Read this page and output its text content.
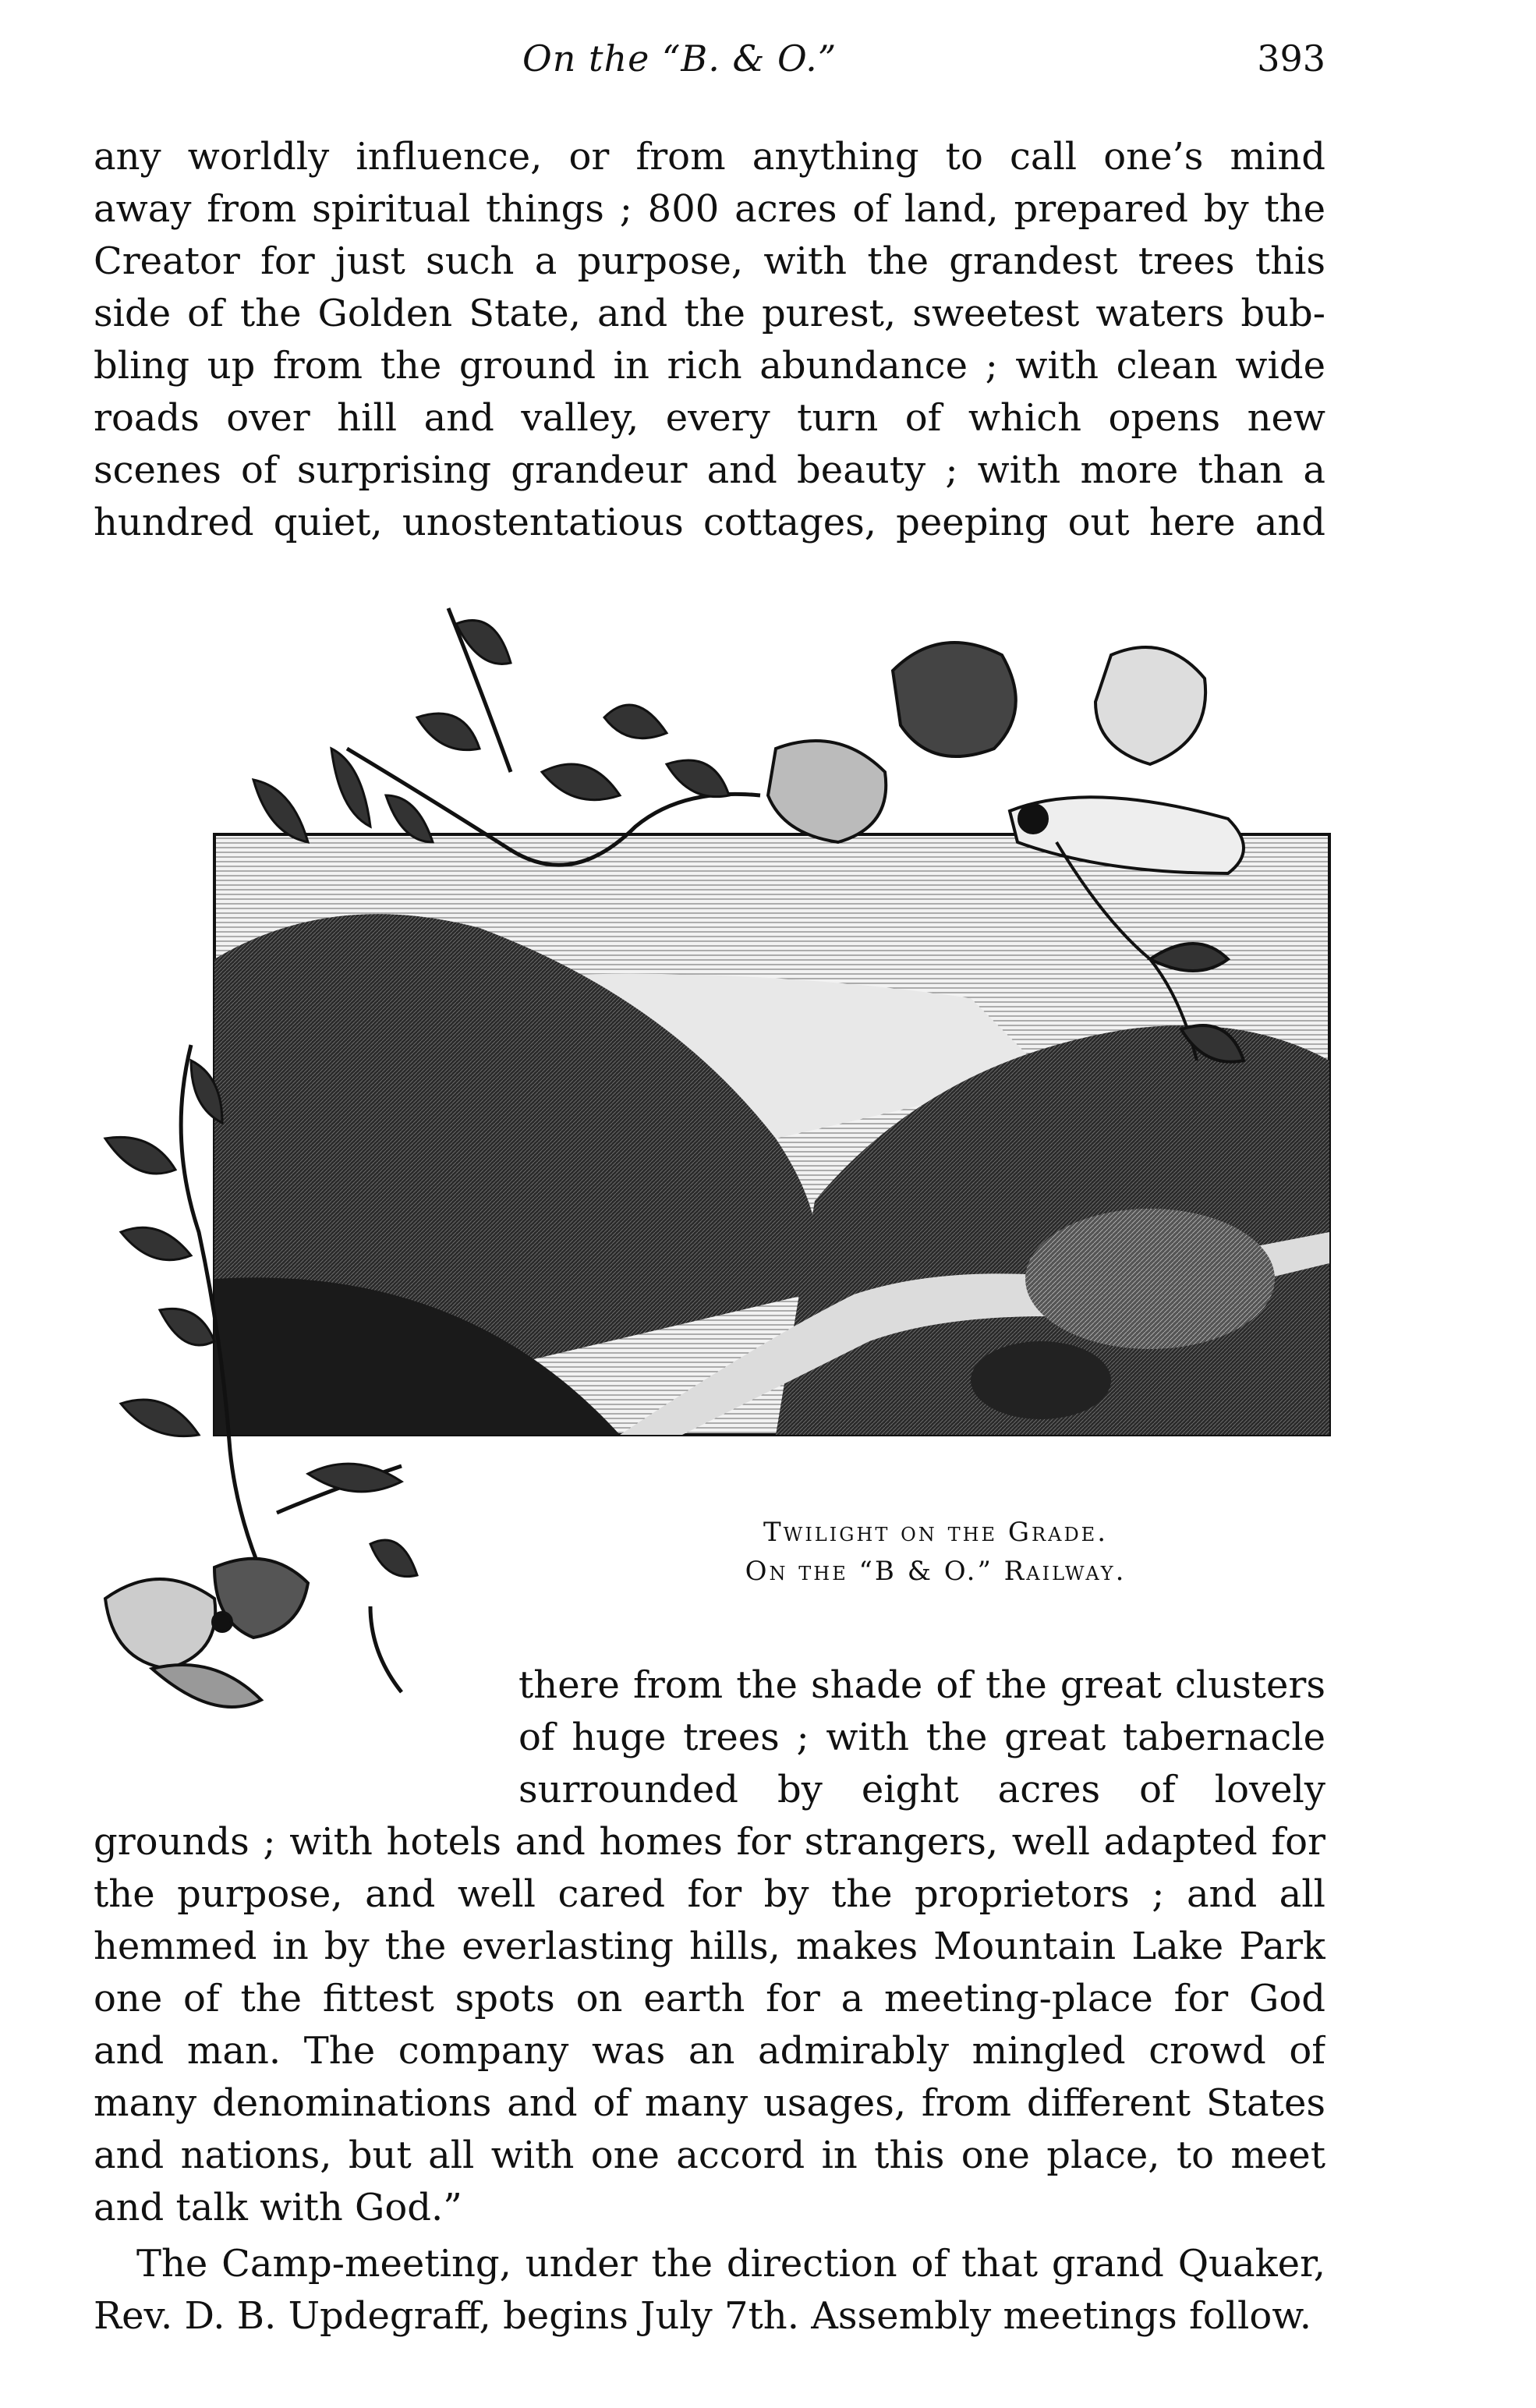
On the “B. & O.”	393
any worldly influence, or from anything to call one’s mind
away from spiritual things ; 800 acres of land, prepared by the
Creator for just such a purpose, with the grandest trees this
side of the Golden State, and the purest, sweetest waters bub-
bling up from the ground in rich abundance ; with clean wide
roads over hill and valley, every turn of which opens new
scenes of surprising grandeur and beauty ; with more than a
hundred quiet, unostentatious cottages, peeping out here and
Twilight on the Grade.
On the “B & O.” Railway.
there from the shade of the great clusters
of huge trees ; with the great tabernacle
surrounded by eight acres of lovely
grounds ; with hotels and homes for strangers, well adapted for
the purpose, and well cared for by the proprietors ; and all
hemmed in by the everlasting hills, makes Mountain Lake Park
one of the fittest spots on earth for a meeting-place for God
and man. The company was an admirably mingled crowd of
many denominations and of many usages, from different States
and nations, but all with one accord in this one place, to meet
and talk with God.”
The Camp-meeting, under the direction of that grand Quaker,
Rev. D. B. Updegraff, begins July 7th. Assembly meetings follow.
